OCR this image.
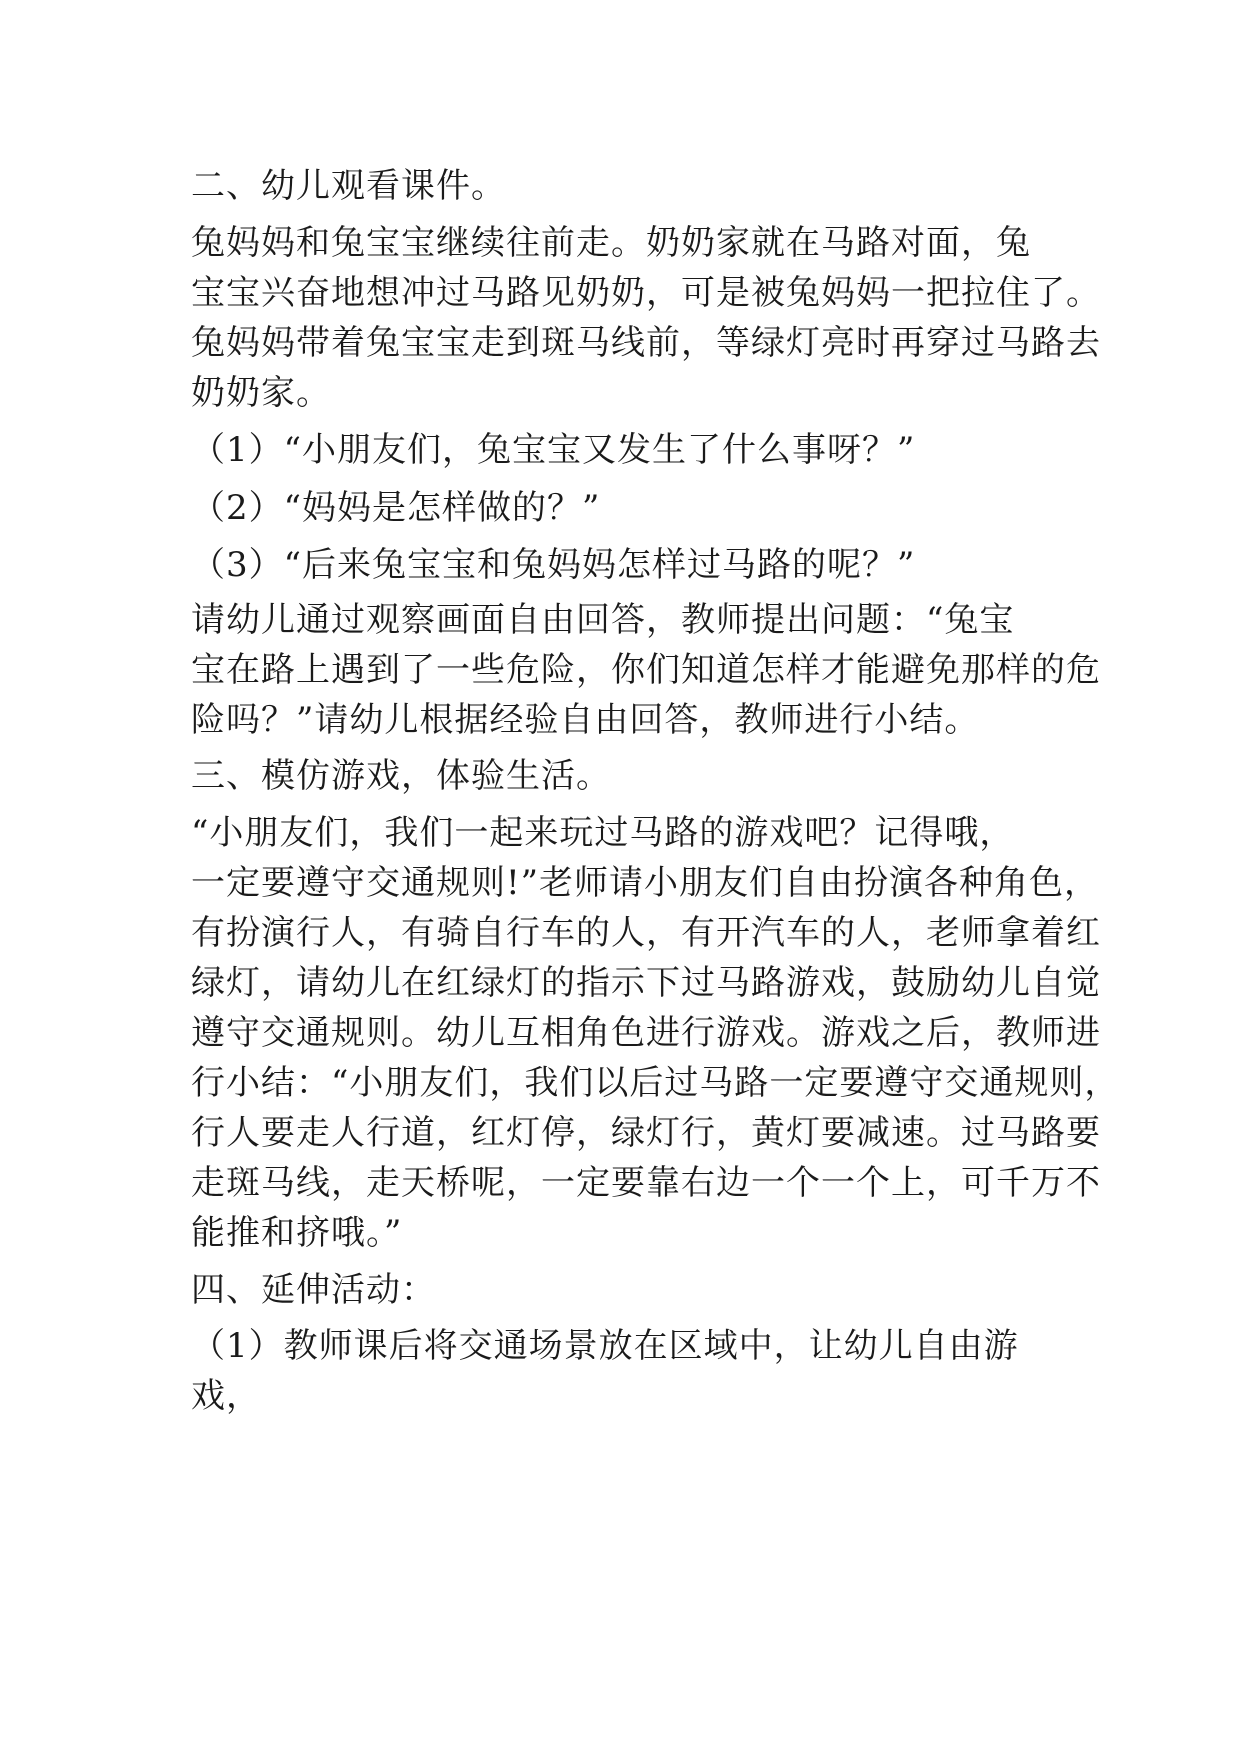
二、幼儿观看课件。
兔妈妈和兔宝宝继续往前走。奶奶家就在马路对面，兔
宝宝兴奋地想冲过马路见奶奶，可是被兔妈妈一把拉住了。
兔妈妈带着兔宝宝走到斑马线前，等绿灯亮时再穿过马路去
奶奶家。
（1）“小朋友们，兔宝宝又发生了什么事呀？”
（2）“妈妈是怎样做的？”
（3）“后来兔宝宝和兔妈妈怎样过马路的呢？”
请幼儿通过观察画面自由回答，教师提出问题：“兔宝
宝在路上遇到了一些危险，你们知道怎样才能避免那样的危
险吗？”请幼儿根据经验自由回答，教师进行小结。
三、模仿游戏，体验生活。
“小朋友们，我们一起来玩过马路的游戏吧？记得哦，
一定要遵守交通规则!”老师请小朋友们自由扮演各种角色，
有扮演行人，有骑自行车的人，有开汽车的人，老师拿着红
绿灯，请幼儿在红绿灯的指示下过马路游戏，鼓励幼儿自觉
遵守交通规则。幼儿互相角色进行游戏。游戏之后，教师进
行小结：“小朋友们，我们以后过马路一定要遵守交通规则，
行人要走人行道，红灯停，绿灯行，黄灯要减速。过马路要
走斑马线，走天桥呢，一定要靠右边一个一个上，可千万不
能推和挤哦。”
四、延伸活动：
（1）教师课后将交通场景放在区域中，让幼儿自由游
戏，
